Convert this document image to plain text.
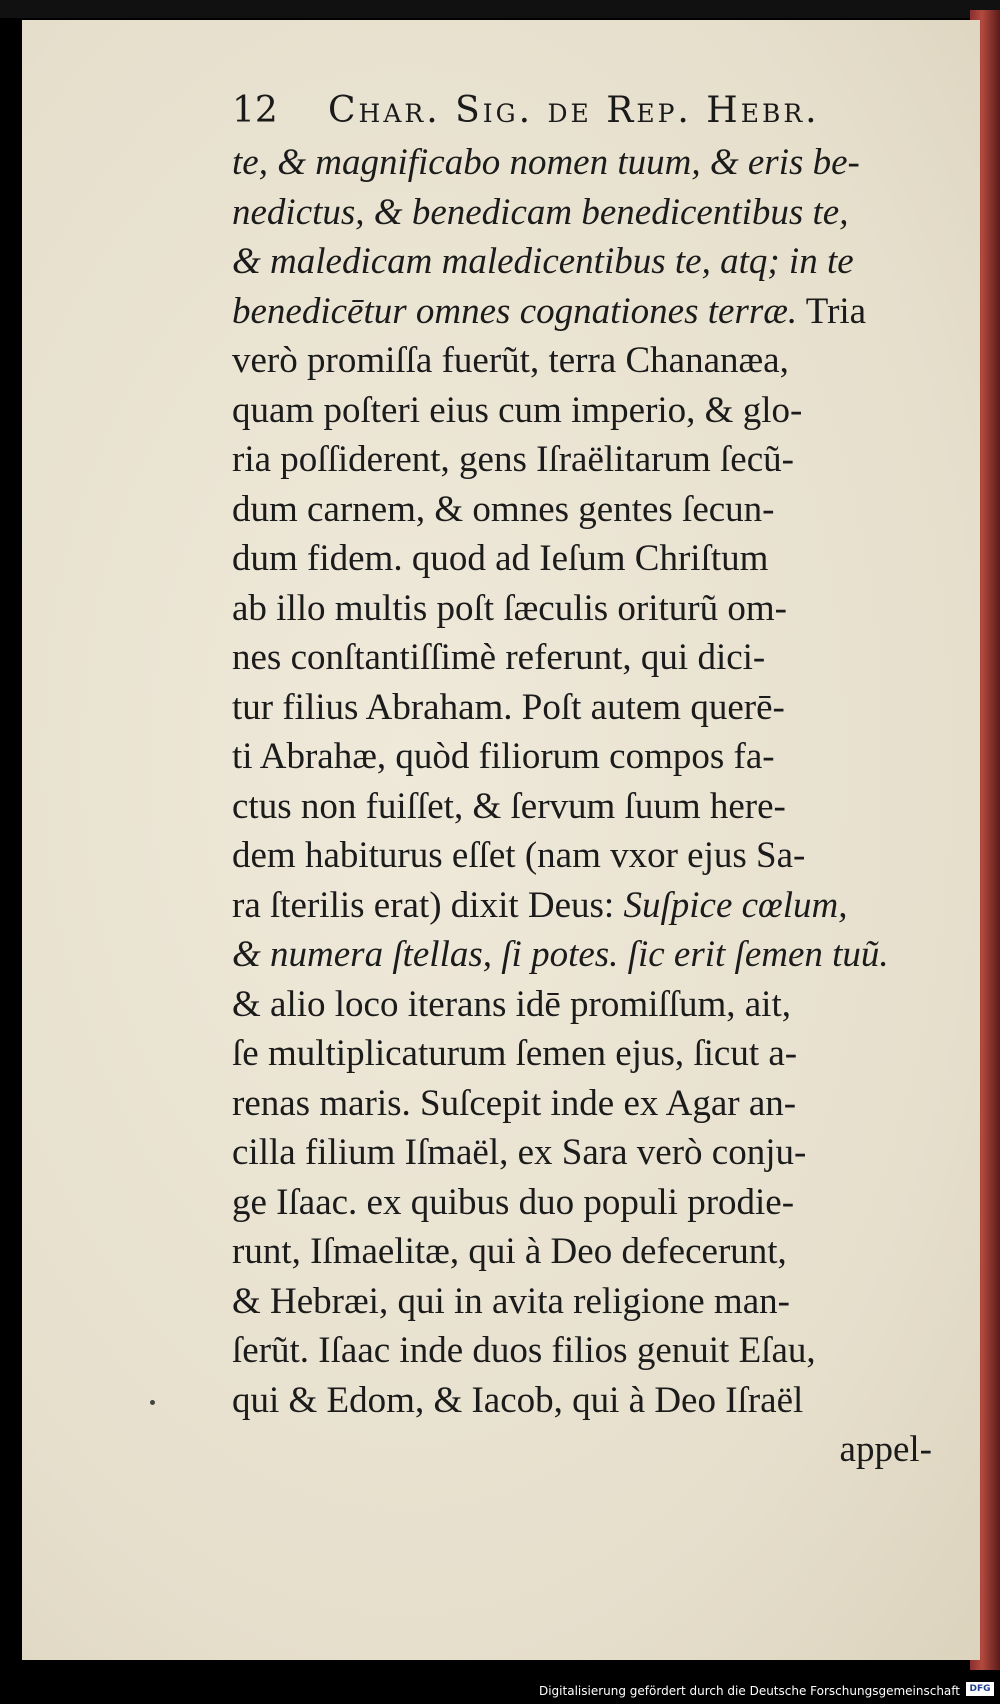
12 Char. Sig. de Rep. Hebr.
te, & magnificabo nomen tuum, & eris be-
nedictus, & benedicam benedicentibus te,
& maledicam maledicentibus te, atq; in te
benedicētur omnes cognationes terræ. Tria
verò promiſſa fuerũt, terra Chananæa,
quam poſteri eius cum imperio, & glo-
ria poſſiderent, gens Iſraëlitarum ſecũ-
dum carnem, & omnes gentes ſecun-
dum fidem. quod ad Ieſum Chriſtum
ab illo multis poſt ſæculis oriturũ om-
nes conſtantiſſimè referunt, qui dici-
tur filius Abraham. Poſt autem querē-
ti Abrahæ, quòd filiorum compos fa-
ctus non fuiſſet, & ſervum ſuum here-
dem habiturus eſſet (nam vxor ejus Sa-
ra ſterilis erat) dixit Deus: Suſpice cœlum,
& numera ſtellas, ſi potes. ſic erit ſemen tuũ.
& alio loco iterans idē promiſſum, ait,
ſe multiplicaturum ſemen ejus, ſicut a-
renas maris. Suſcepit inde ex Agar an-
cilla filium Iſmaël, ex Sara verò conju-
ge Iſaac. ex quibus duo populi prodie-
runt, Iſmaelitæ, qui à Deo defecerunt,
& Hebræi, qui in avita religione man-
ſerũt. Iſaac inde duos filios genuit Eſau,
qui & Edom, & Iacob, qui à Deo Iſraël
appel-
Digitalisierung gefördert durch die Deutsche Forschungsgemeinschaft	DFG
